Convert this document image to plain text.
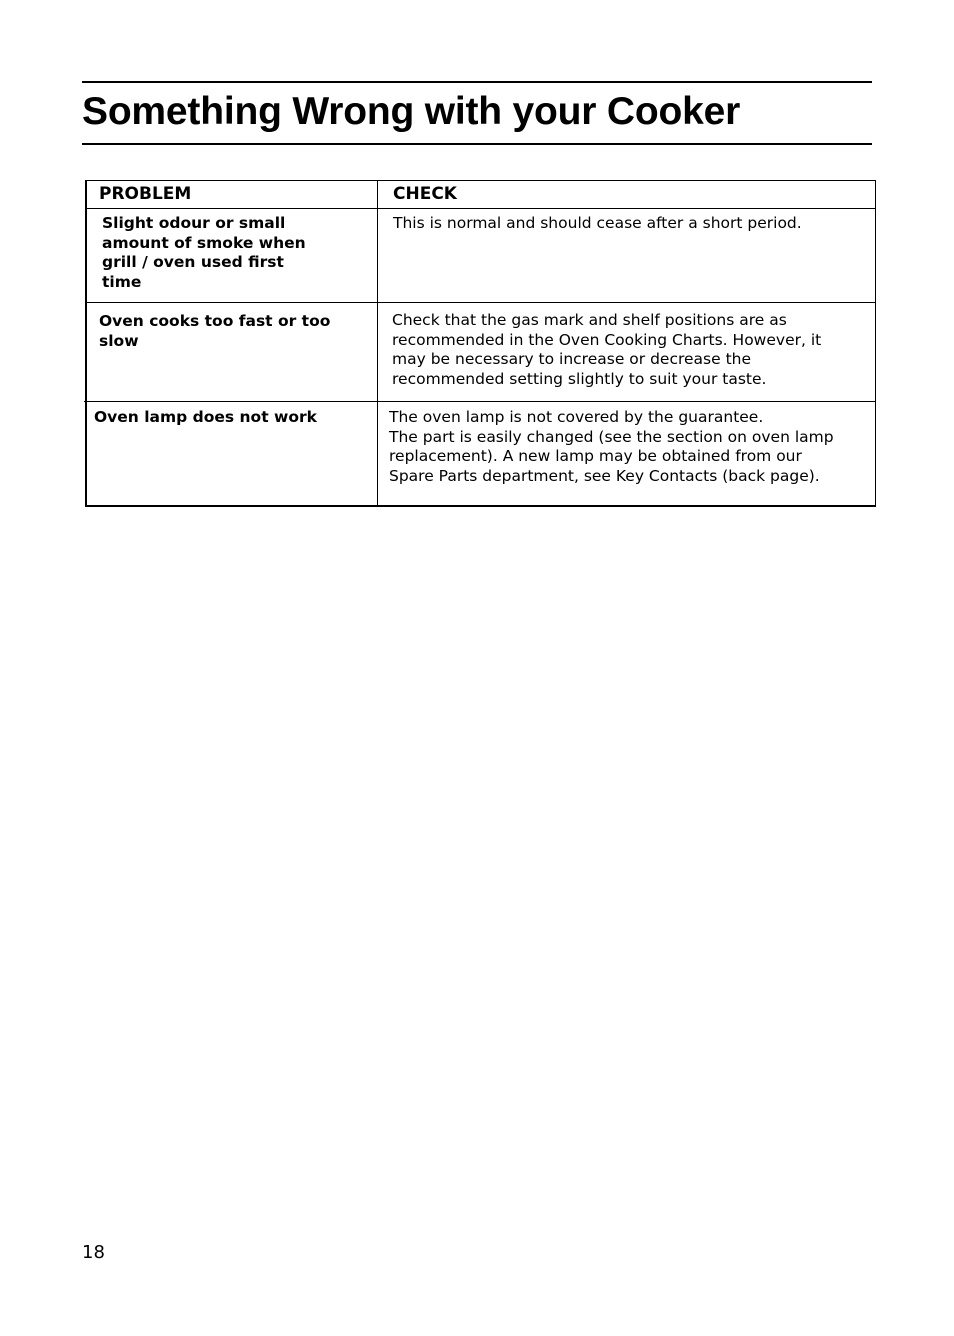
Something Wrong with your Cooker
PROBLEM	CHECK
Slight odour or small
amount of smoke when
grill / oven used first
time
This is normal and should cease after a short period.
Oven cooks too fast or too
slow
Check that the gas mark and shelf positions are as
recommended in the Oven Cooking Charts. However, it
may be necessary to increase or decrease the
recommended setting slightly to suit your taste.
Oven lamp does not work	The oven lamp is not covered by the guarantee.
The part is easily changed (see the section on oven lamp
replacement). A new lamp may be obtained from our
Spare Parts department, see Key Contacts (back page).
18
